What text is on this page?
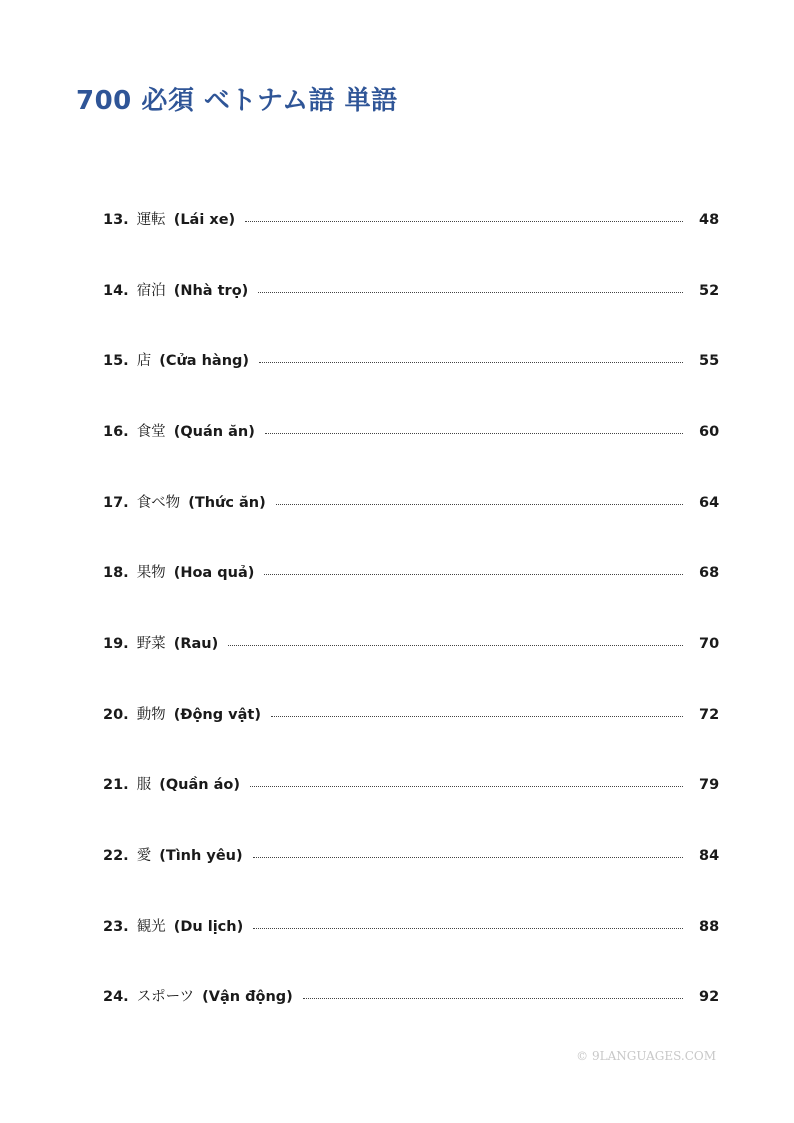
700 必須 ベトナム語 単語
13. 運転 (Lái xe)	48
14. 宿泊 (Nhà trọ)	52
15. 店 (Cửa hàng)	55
16. 食堂 (Quán ăn)	60
17. 食べ物 (Thức ăn)	64
18. 果物 (Hoa quả)	68
19. 野菜 (Rau)	70
20. 動物 (Động vật)	72
21. 服 (Quần áo)	79
22. 愛 (Tình yêu)	84
23. 観光 (Du lịch)	88
24. スポーツ (Vận động)	92
© 9LANGUAGES.COM
